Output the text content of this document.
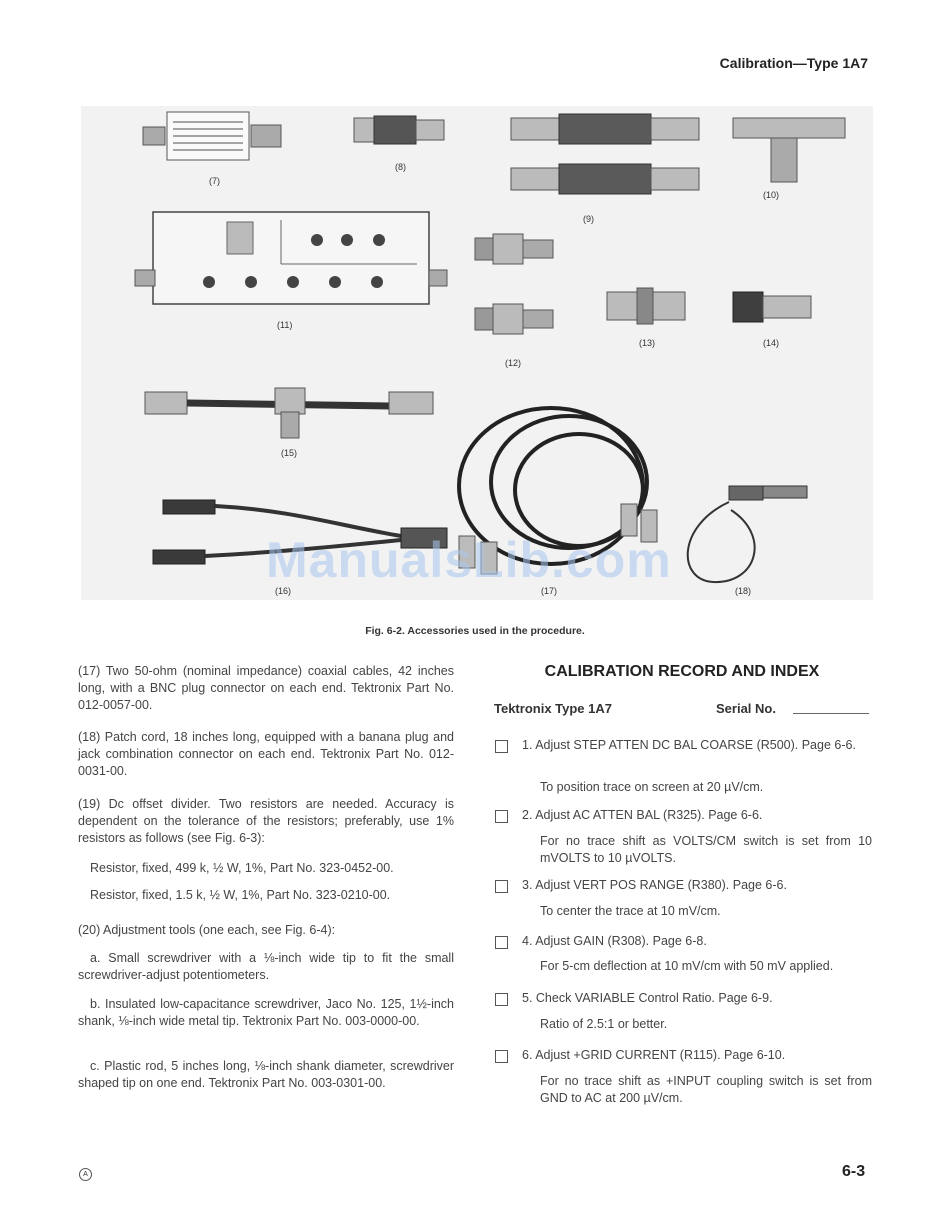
Calibration—Type 1A7
(7)
(8)
(10)
(9)
(11)
(12)
(13)	(14)
(15)
(16)	(17)	(18)
ManualsLib.com
Fig. 6-2. Accessories used in the procedure.
(17) Two 50-ohm (nominal impedance) coaxial cables, 42 inches long, with a BNC plug connector on each end. Tektronix Part No. 012-0057-00.
(18) Patch cord, 18 inches long, equipped with a banana plug and jack combination connector on each end. Tektronix Part No. 012-0031-00.
(19) Dc offset divider. Two resistors are needed. Accuracy is dependent on the tolerance of the resistors; preferably, use 1% resistors as follows (see Fig. 6-3):
Resistor, fixed, 499 k, ½ W, 1%, Part No. 323-0452-00.
Resistor, fixed, 1.5 k, ½ W, 1%, Part No. 323-0210-00.
(20) Adjustment tools (one each, see Fig. 6-4):
a. Small screwdriver with a ⅛-inch wide tip to fit the small screwdriver-adjust potentiometers.
b. Insulated low-capacitance screwdriver, Jaco No. 125, 1½-inch shank, ⅛-inch wide metal tip. Tektronix Part No. 003-0000-00.
c. Plastic rod, 5 inches long, ⅛-inch shank diameter, screwdriver shaped tip on one end. Tektronix Part No. 003-0301-00.
CALIBRATION RECORD AND INDEX
Tektronix Type 1A7	Serial No.
1. Adjust STEP ATTEN DC BAL COARSE (R500). Page 6-6.
To position trace on screen at 20 µV/cm.
2. Adjust AC ATTEN BAL (R325). Page 6-6.
For no trace shift as VOLTS/CM switch is set from 10 mVOLTS to 10 µVOLTS.
3. Adjust VERT POS RANGE (R380). Page 6-6.
To center the trace at 10 mV/cm.
4. Adjust GAIN (R308). Page 6-8.
For 5-cm deflection at 10 mV/cm with 50 mV applied.
5. Check VARIABLE Control Ratio. Page 6-9.
Ratio of 2.5:1 or better.
6. Adjust +GRID CURRENT (R115). Page 6-10.
For no trace shift as +INPUT coupling switch is set from GND to AC at 200 µV/cm.
A	6-3
